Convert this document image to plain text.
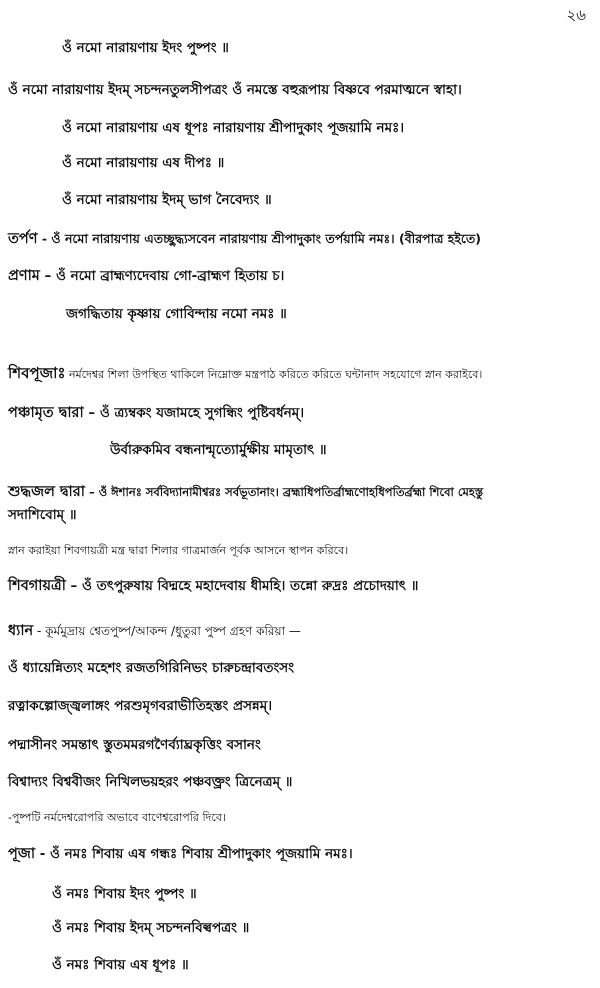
২৬
ওঁ নমো নারায়ণায় ইদং পুষ্পং ॥
ওঁ নমো নারায়ণায় ইদম্ সচন্দনতুলসীপত্রং ওঁ নমস্তে বহুরূপায় বিষ্ণবে পরমাত্মনে স্বাহা।
ওঁ নমো নারায়ণায় এষ ধূপঃ নারায়ণায় শ্রীপাদুকাং পূজয়ামি নমঃ।
ওঁ নমো নারায়ণায় এষ দীপঃ ॥
ওঁ নমো নারায়ণায় ইদম্ ভাগ নৈবেদ্যং ॥
তর্পণ - ওঁ নমো নারায়ণায় এতচ্ছুদ্ধ্যসবেন নারায়ণায় শ্রীপাদুকাং তর্পয়ামি নমঃ। (বীরপাত্র হইতে)
প্রণাম – ওঁ নমো ব্রাহ্মণ্যদেবায় গো-ব্রাহ্মণ হিতায় চ।
জগদ্ধিতায় কৃষ্ণায় গোবিন্দায় নমো নমঃ ॥
শিবপূজাঃ নর্মদেশ্বর শিলা উপস্থিত থাকিলে নিম্নোক্ত মন্ত্রপাঠ করিতে করিতে ঘন্টানাদ সহযোগে স্নান করাইবে।
পঞ্চামৃত দ্বারা – ওঁ ত্র্যম্বকং যজামহে সুগন্ধিং পুষ্টিবর্ধনম্।
উর্বারুকমিব বন্ধনান্মৃত্যোর্মুক্ষীয় মামৃতাৎ ॥
শুদ্ধজল দ্বারা – ওঁ ঈশানঃ সর্ববিদ্যানামীশ্বরঃ সর্বভূতানাং। ব্রহ্মাধিপতির্ব্রাহ্মণোহধিপতির্ব্রহ্মা শিবো মেহস্তু
সদাশিবোম্ ॥
স্নান করাইয়া শিবগায়ত্রী মন্ত্র দ্বারা শিলার গাত্রমার্জন পূর্বক আসনে স্থাপন করিবে।
শিবগায়ত্রী – ওঁ তৎপুরুষায় বিদ্মহে মহাদেবায় ধীমহি। তন্নো রুদ্রঃ প্রচোদয়াৎ ॥
ধ্যান - কূর্মমুদ্রায় শ্বেতপুষ্প/আকন্দ /ধুতুরা পুষ্প গ্রহণ করিয়া —
ওঁ ধ্যায়েন্নিত্যং মহেশং রজতগিরিনিভং চারুচন্দ্রাবতংসং
রত্নাকল্পোজ্জ্বলাঙ্গং পরশুমৃগবরাভীতিহস্তং প্রসন্নম্।
পদ্মাসীনং সমন্তাৎ স্তুতমমরগণৈর্ব্যাঘ্রকৃত্তিং বসানং
বিশ্বাদ্যং বিশ্ববীজং নিখিলভয়হরং পঞ্চবক্ত্রং ত্রিনেত্রম্ ॥
-পুষ্পটি নর্মদেশ্বরোপরি অভাবে বাণেশ্বরোপরি দিবে।
পূজা - ওঁ নমঃ শিবায় এষ গন্ধঃ শিবায় শ্রীপাদুকাং পূজয়ামি নমঃ।
ওঁ নমঃ শিবায় ইদং পুষ্পং ॥
ওঁ নমঃ শিবায় ইদম্ সচন্দনবিল্বপত্রং ॥
ওঁ নমঃ শিবায় এষ ধূপঃ ॥
